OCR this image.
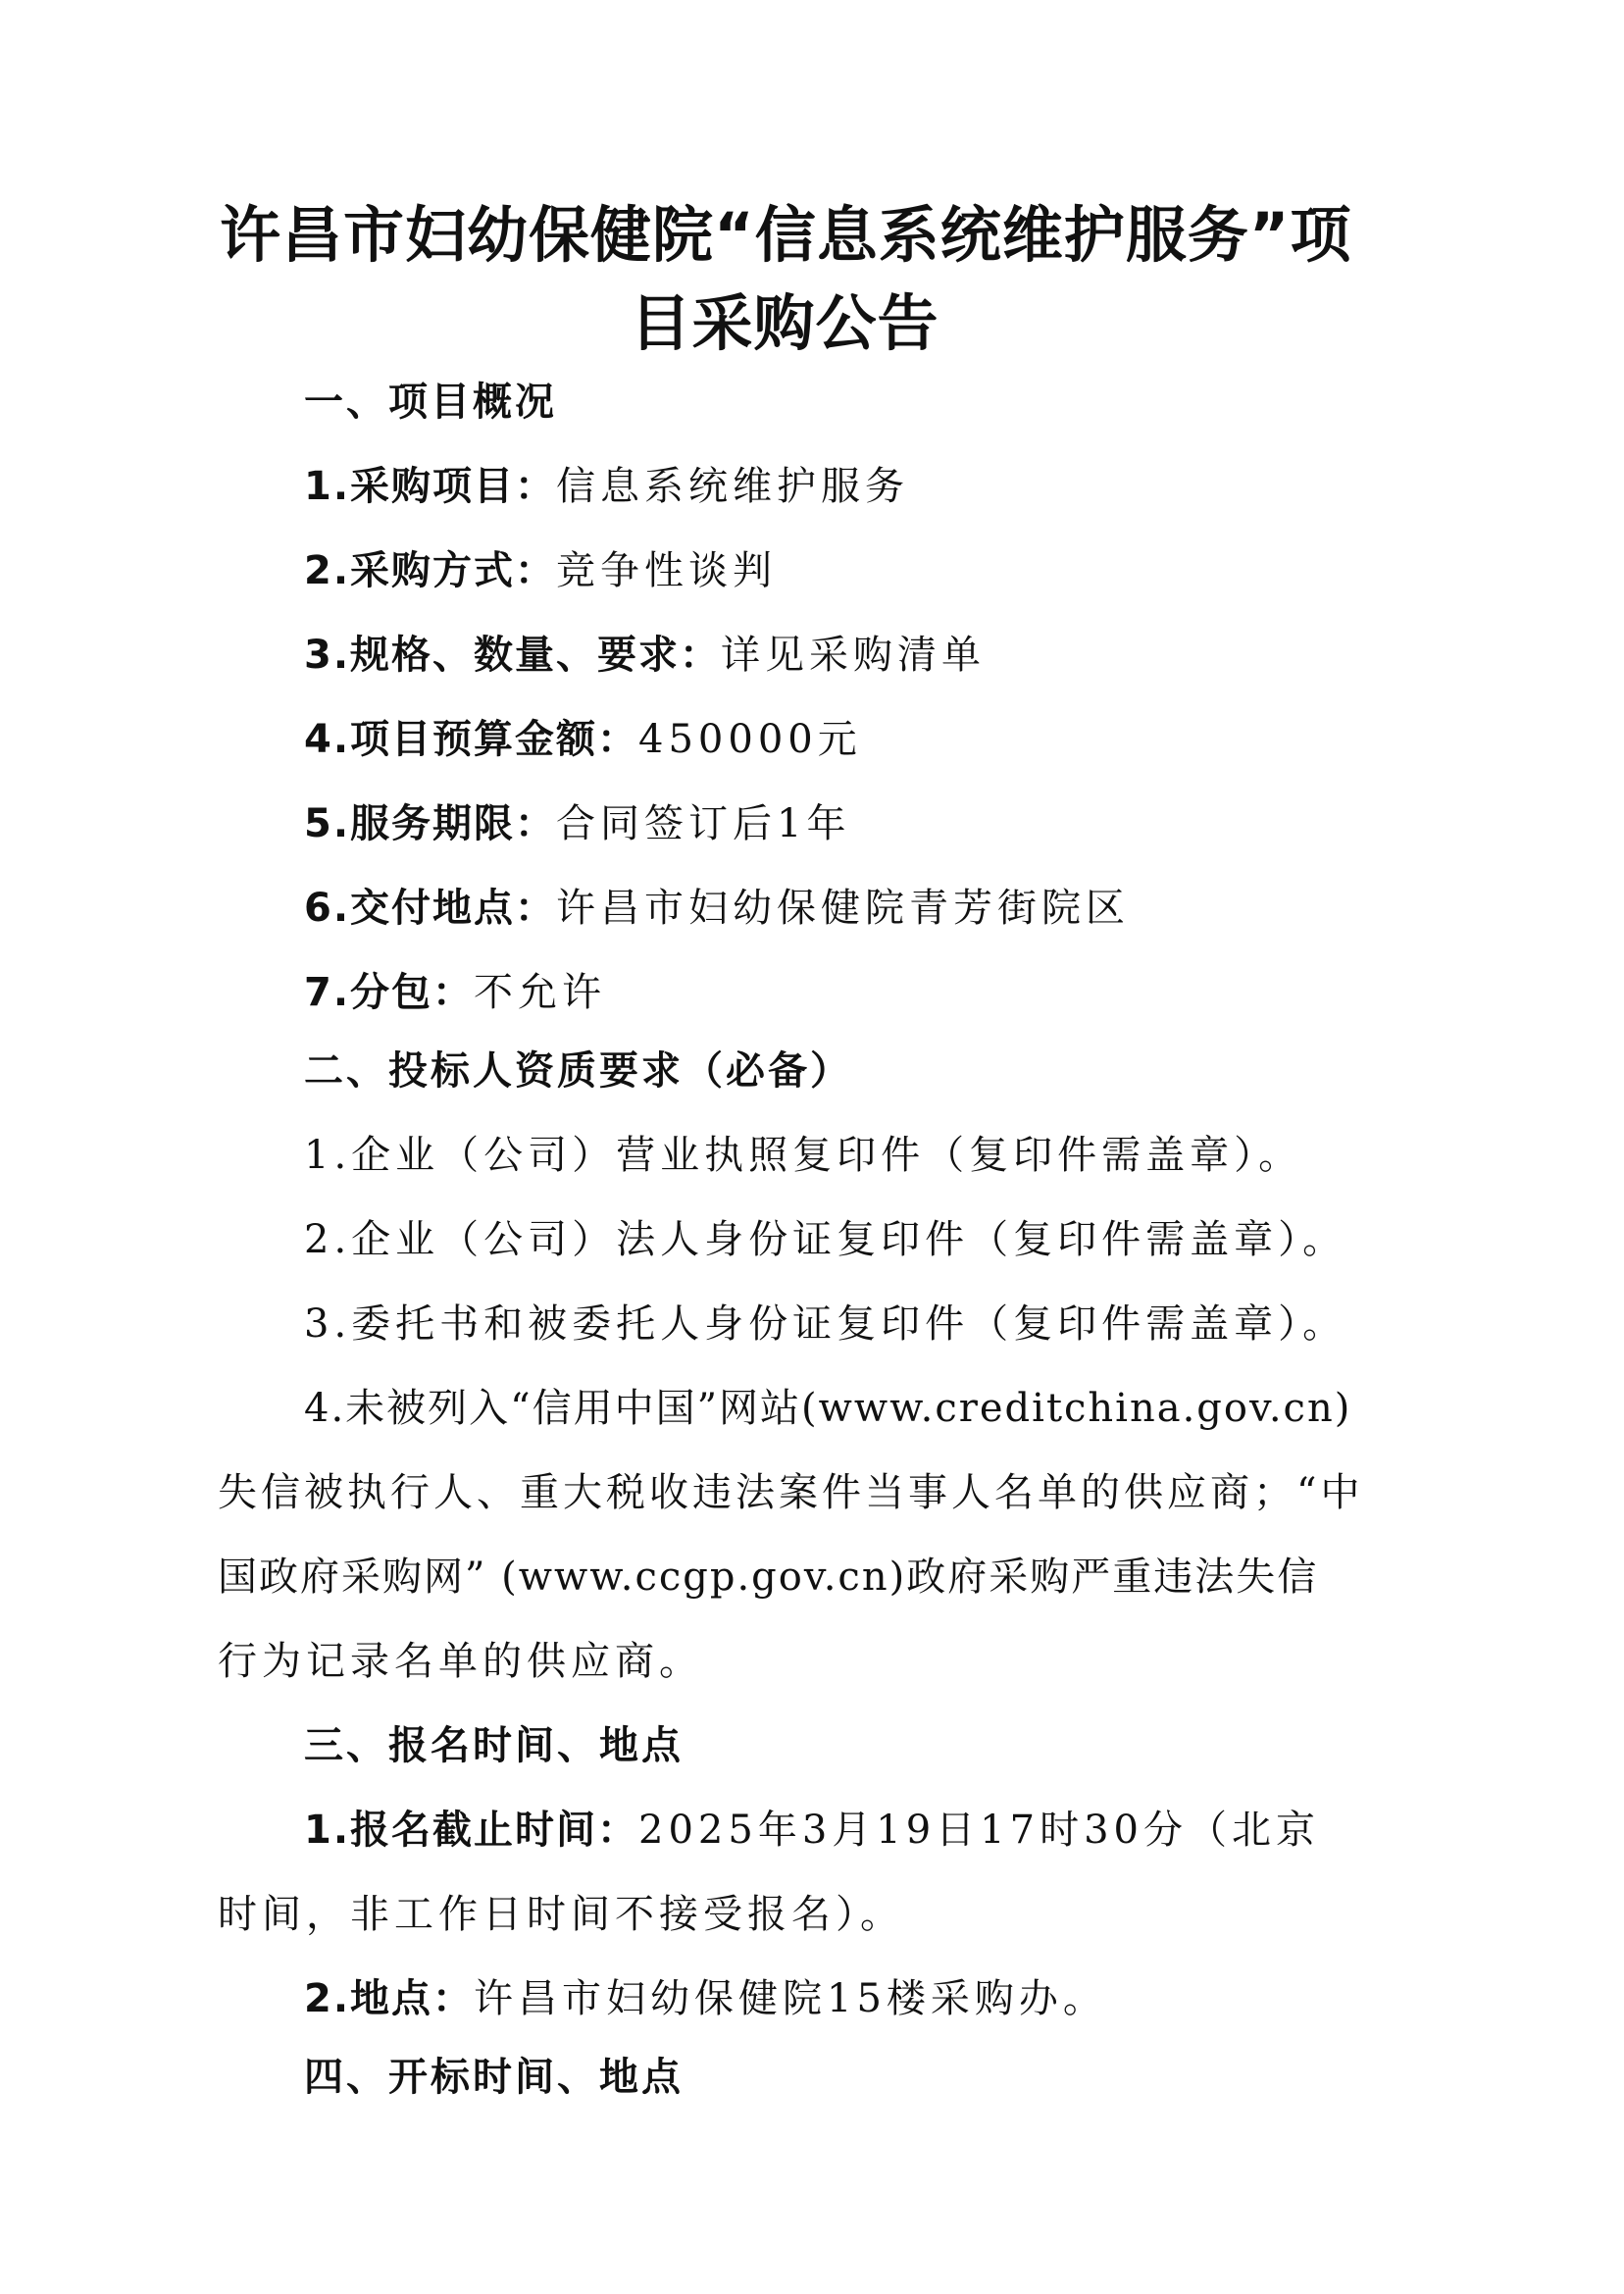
许昌市妇幼保健院“信息系统维护服务”项
目采购公告
一、项目概况
1.采购项目：信息系统维护服务
2.采购方式：竞争性谈判
3.规格、数量、要求：详见采购清单
4.项目预算金额：450000元
5.服务期限：合同签订后1年
6.交付地点：许昌市妇幼保健院青芳街院区
7.分包：不允许
二、投标人资质要求（必备）
1.企业（公司）营业执照复印件（复印件需盖章）。
2.企业（公司）法人身份证复印件（复印件需盖章）。
3.委托书和被委托人身份证复印件（复印件需盖章）。
4.未被列入“信用中国”网站(www.creditchina.gov.cn)
失信被执行人、重大税收违法案件当事人名单的供应商；“中
国政府采购网” (www.ccgp.gov.cn)政府采购严重违法失信
行为记录名单的供应商。
三、报名时间、地点
1.报名截止时间：2025年3月19日17时30分（北京
时间，非工作日时间不接受报名）。
2.地点：许昌市妇幼保健院15楼采购办。
四、开标时间、地点
